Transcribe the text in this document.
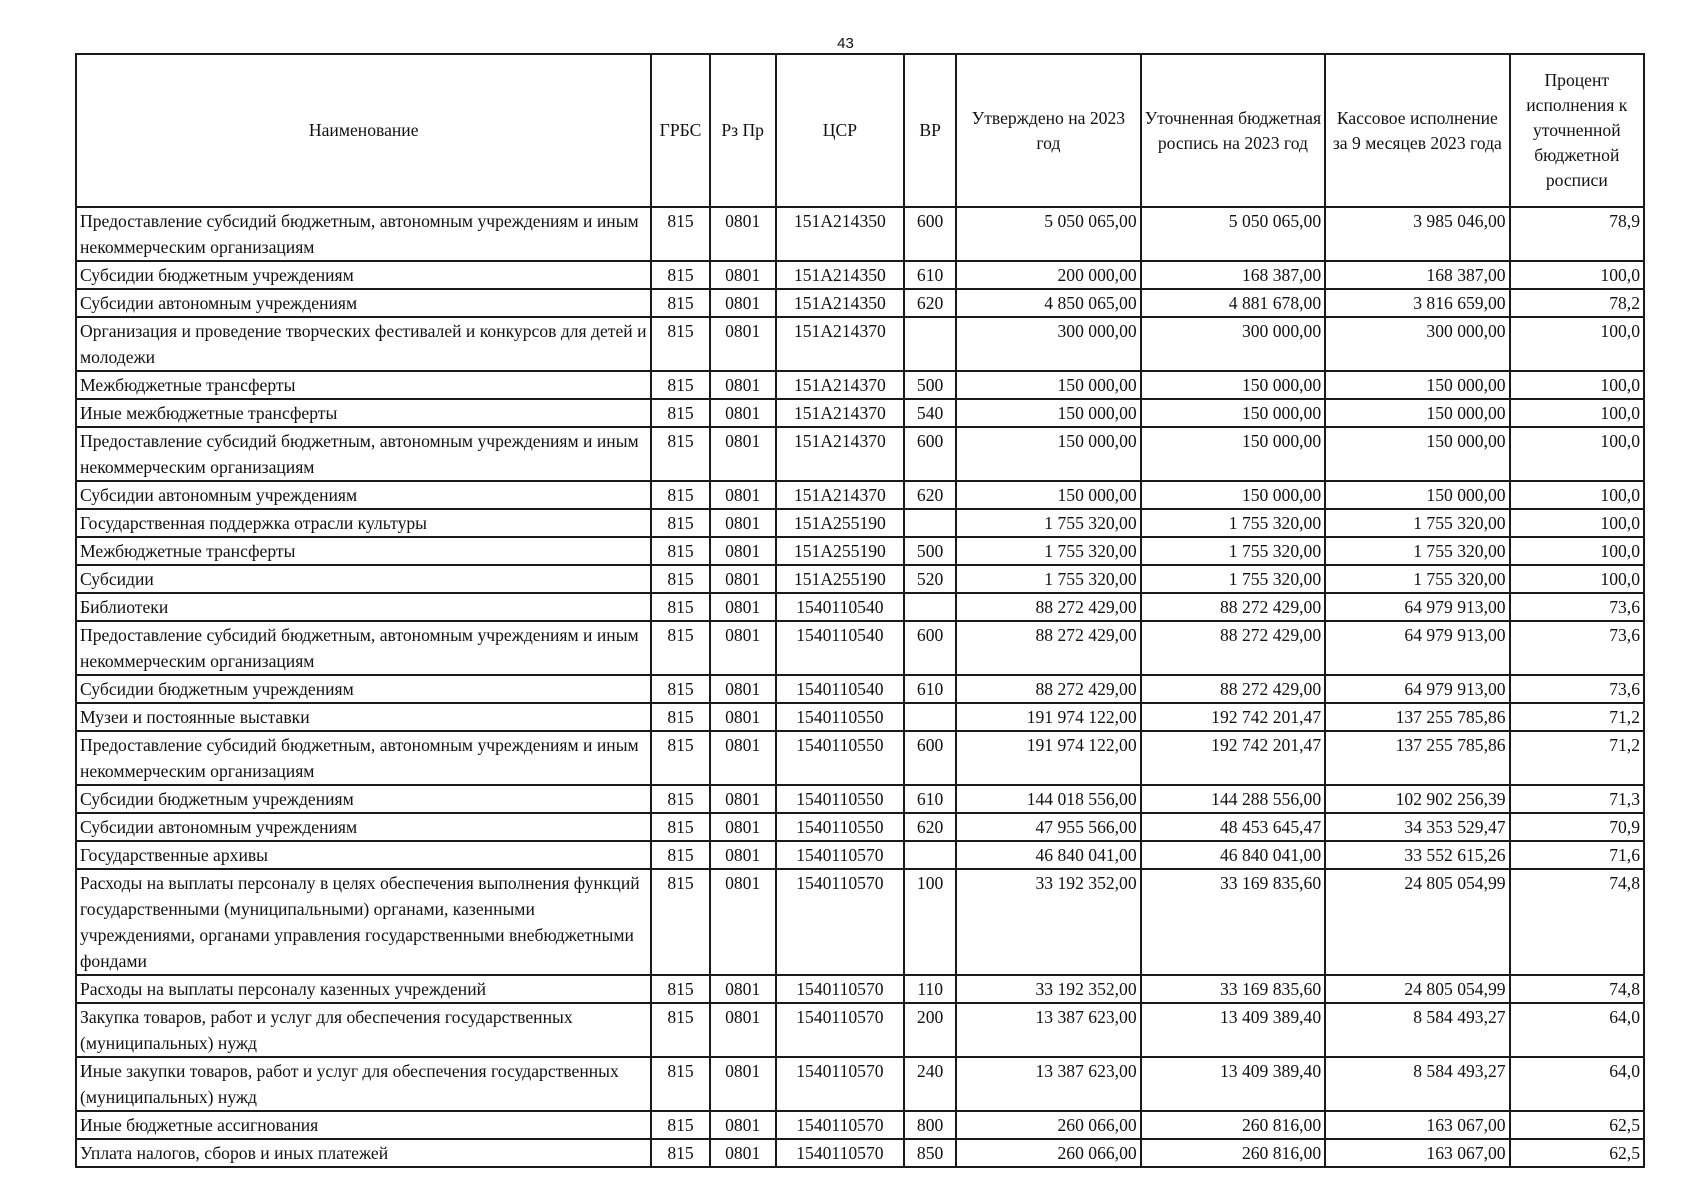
43
Наименование	ГРБС	Рз Пр	ЦСР	ВР	Утверждено на 2023 год	Уточненная бюджетная роспись на 2023 год	Кассовое исполнение за 9 месяцев 2023 года	Процент исполнения к уточненной бюджетной росписи
Предоставление субсидий бюджетным, автономным учреждениям и иным некоммерческим организациям	815	0801	151A214350	600	5 050 065,00	5 050 065,00	3 985 046,00	78,9
Субсидии бюджетным учреждениям	815	0801	151A214350	610	200 000,00	168 387,00	168 387,00	100,0
Субсидии автономным учреждениям	815	0801	151A214350	620	4 850 065,00	4 881 678,00	3 816 659,00	78,2
Организация и проведение творческих фестивалей и конкурсов для детей и молодежи	815	0801	151A214370		300 000,00	300 000,00	300 000,00	100,0
Межбюджетные трансферты	815	0801	151A214370	500	150 000,00	150 000,00	150 000,00	100,0
Иные межбюджетные трансферты	815	0801	151A214370	540	150 000,00	150 000,00	150 000,00	100,0
Предоставление субсидий бюджетным, автономным учреждениям и иным некоммерческим организациям	815	0801	151A214370	600	150 000,00	150 000,00	150 000,00	100,0
Субсидии автономным учреждениям	815	0801	151A214370	620	150 000,00	150 000,00	150 000,00	100,0
Государственная поддержка отрасли культуры	815	0801	151A255190		1 755 320,00	1 755 320,00	1 755 320,00	100,0
Межбюджетные трансферты	815	0801	151A255190	500	1 755 320,00	1 755 320,00	1 755 320,00	100,0
Субсидии	815	0801	151A255190	520	1 755 320,00	1 755 320,00	1 755 320,00	100,0
Библиотеки	815	0801	1540110540		88 272 429,00	88 272 429,00	64 979 913,00	73,6
Предоставление субсидий бюджетным, автономным учреждениям и иным некоммерческим организациям	815	0801	1540110540	600	88 272 429,00	88 272 429,00	64 979 913,00	73,6
Субсидии бюджетным учреждениям	815	0801	1540110540	610	88 272 429,00	88 272 429,00	64 979 913,00	73,6
Музеи и постоянные выставки	815	0801	1540110550		191 974 122,00	192 742 201,47	137 255 785,86	71,2
Предоставление субсидий бюджетным, автономным учреждениям и иным некоммерческим организациям	815	0801	1540110550	600	191 974 122,00	192 742 201,47	137 255 785,86	71,2
Субсидии бюджетным учреждениям	815	0801	1540110550	610	144 018 556,00	144 288 556,00	102 902 256,39	71,3
Субсидии автономным учреждениям	815	0801	1540110550	620	47 955 566,00	48 453 645,47	34 353 529,47	70,9
Государственные архивы	815	0801	1540110570		46 840 041,00	46 840 041,00	33 552 615,26	71,6
Расходы на выплаты персоналу в целях обеспечения выполнения функций государственными (муниципальными) органами, казенными учреждениями, органами управления государственными внебюджетными фондами	815	0801	1540110570	100	33 192 352,00	33 169 835,60	24 805 054,99	74,8
Расходы на выплаты персоналу казенных учреждений	815	0801	1540110570	110	33 192 352,00	33 169 835,60	24 805 054,99	74,8
Закупка товаров, работ и услуг для обеспечения государственных (муниципальных) нужд	815	0801	1540110570	200	13 387 623,00	13 409 389,40	8 584 493,27	64,0
Иные закупки товаров, работ и услуг для обеспечения государственных (муниципальных) нужд	815	0801	1540110570	240	13 387 623,00	13 409 389,40	8 584 493,27	64,0
Иные бюджетные ассигнования	815	0801	1540110570	800	260 066,00	260 816,00	163 067,00	62,5
Уплата налогов, сборов и иных платежей	815	0801	1540110570	850	260 066,00	260 816,00	163 067,00	62,5
